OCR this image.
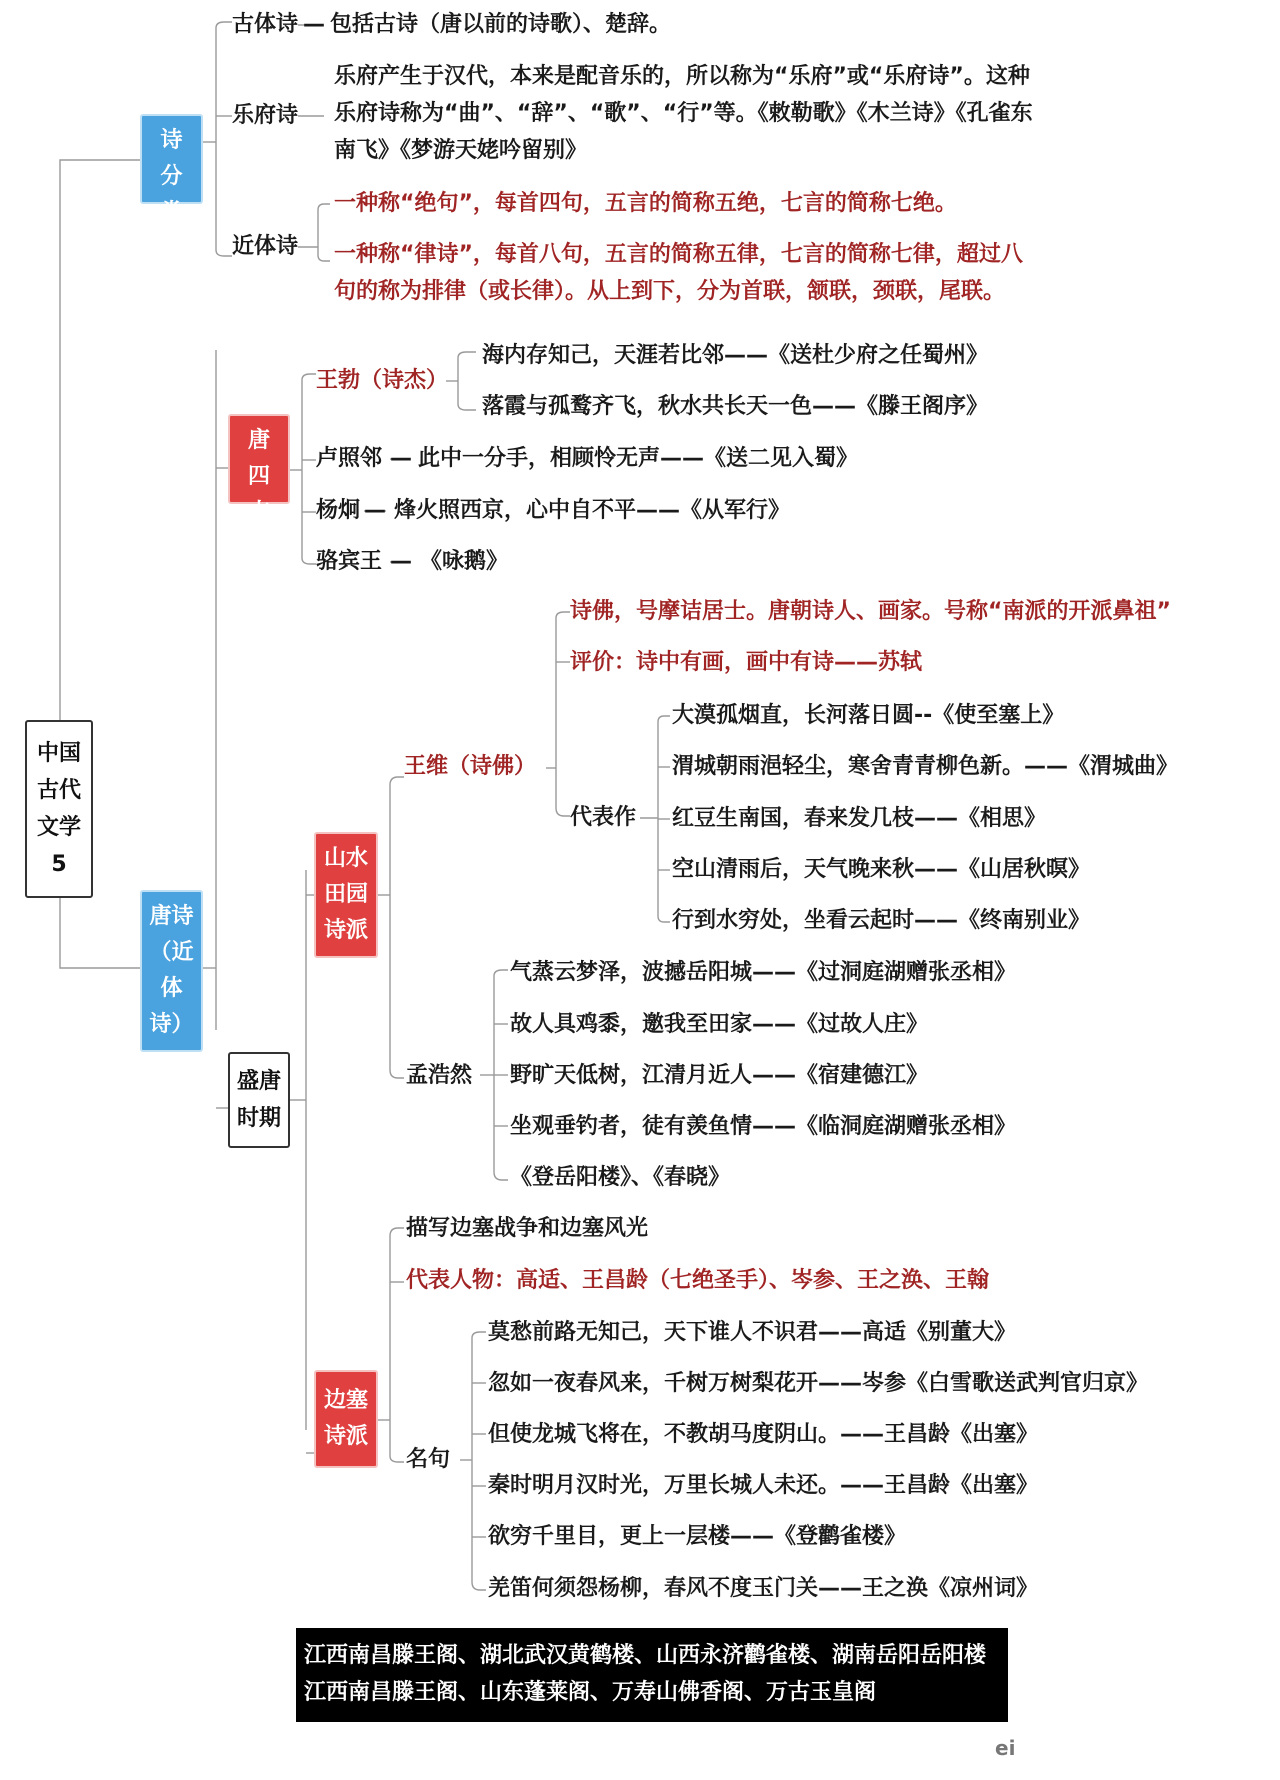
中国古代文学5
古诗分类
古体诗 — 包括古诗（唐以前的诗歌）、楚辞。
乐府诗
乐府产生于汉代，本来是配音乐的，所以称为“乐府”或“乐府诗”。这种乐府诗称为“曲”、“辞”、“歌”、“行”等。《敕勒歌》《木兰诗》《孔雀东南飞》《梦游天姥吟留别》
近体诗
一种称“绝句”，每首四句，五言的简称五绝，七言的简称七绝。
一种称“律诗”，每首八句，五言的简称五律，七言的简称七律，超过八句的称为排律（或长律）。从上到下，分为首联，颔联，颈联，尾联。
唐诗（近体诗）
初唐四杰
王勃（诗杰）
海内存知己，天涯若比邻——《送杜少府之任蜀州》
落霞与孤鹜齐飞，秋水共长天一色——《滕王阁序》
卢照邻 — 此中一分手，相顾怜无声——《送二见入蜀》
杨炯 — 烽火照西京，心中自不平——《从军行》
骆宾王 — 《咏鹅》
盛唐时期
山水田园诗派
王维（诗佛）
诗佛，号摩诘居士。唐朝诗人、画家。号称“南派的开派鼻祖”
评价：诗中有画，画中有诗——苏轼
代表作
大漠孤烟直，长河落日圆--《使至塞上》
渭城朝雨浥轻尘，寒舍青青柳色新。——《渭城曲》
红豆生南国，春来发几枝——《相思》
空山清雨后，天气晚来秋——《山居秋暝》
行到水穷处，坐看云起时——《终南别业》
孟浩然
气蒸云梦泽，波撼岳阳城——《过洞庭湖赠张丞相》
故人具鸡黍，邀我至田家——《过故人庄》
野旷天低树，江清月近人——《宿建德江》
坐观垂钓者，徒有羡鱼情——《临洞庭湖赠张丞相》
《登岳阳楼》、《春晓》
边塞诗派
描写边塞战争和边塞风光
代表人物：高适、王昌龄（七绝圣手）、岑参、王之涣、王翰
名句
莫愁前路无知己，天下谁人不识君——高适《别董大》
忽如一夜春风来，千树万树梨花开——岑参《白雪歌送武判官归京》
但使龙城飞将在，不教胡马度阴山。——王昌龄《出塞》
秦时明月汉时光，万里长城人未还。——王昌龄《出塞》
欲穷千里目，更上一层楼——《登鹳雀楼》
羌笛何须怨杨柳，春风不度玉门关——王之涣《凉州词》
江西南昌滕王阁、湖北武汉黄鹤楼、山西永济鹳雀楼、湖南岳阳岳阳楼江西南昌滕王阁、山东蓬莱阁、万寿山佛香阁、万古玉皇阁
ei
